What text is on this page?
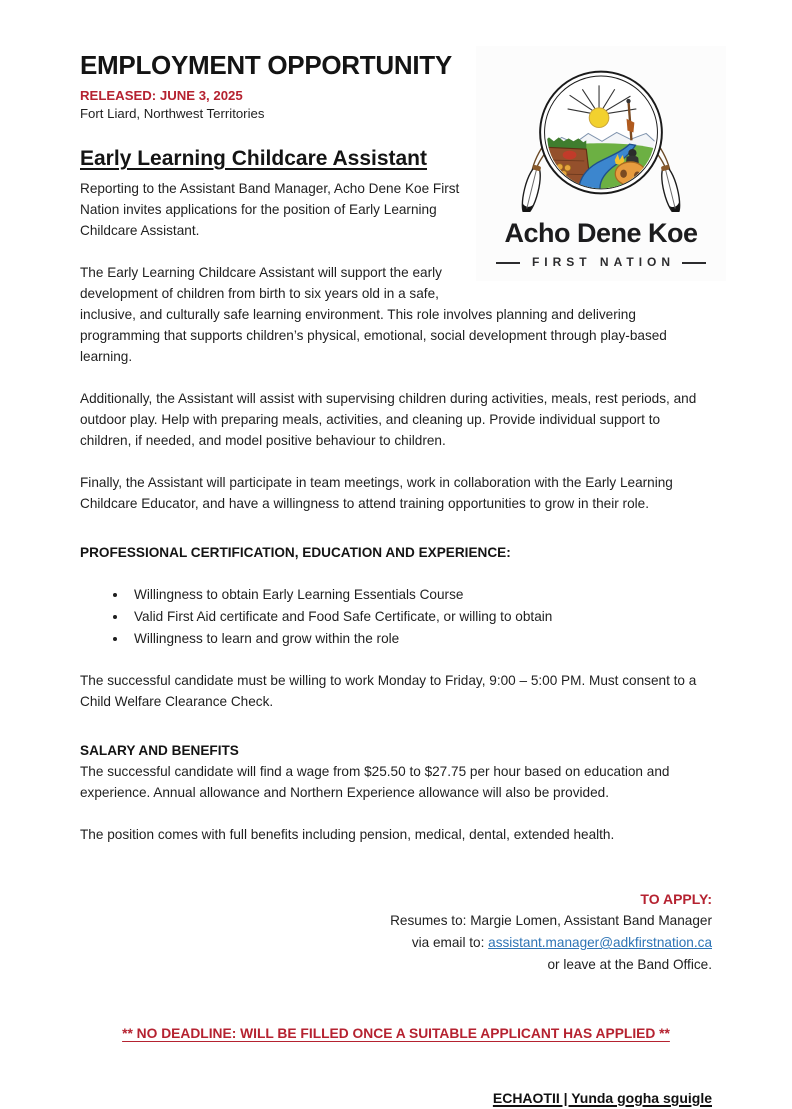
Acho Dene Koe
FIRST NATION
EMPLOYMENT OPPORTUNITY
RELEASED: JUNE 3, 2025
Fort Liard, Northwest Territories
Early Learning Childcare Assistant

Reporting to the Assistant Band Manager, Acho Dene Koe First Nation invites applications for the position of Early Learning Childcare Assistant.

The Early Learning Childcare Assistant will support the early development of children from birth to six years old in a safe, inclusive, and culturally safe learning environment. This role involves planning and delivering programming that supports children’s physical, emotional, social development through play-based learning.

Additionally, the Assistant will assist with supervising children during activities, meals, rest periods, and outdoor play. Help with preparing meals, activities, and cleaning up. Provide individual support to children, if needed, and model positive behaviour to children.

Finally, the Assistant will participate in team meetings, work in collaboration with the Early Learning Childcare Educator, and have a willingness to attend training opportunities to grow in their role.

PROFESSIONAL CERTIFICATION, EDUCATION AND EXPERIENCE:
• Willingness to obtain Early Learning Essentials Course
• Valid First Aid certificate and Food Safe Certificate, or willing to obtain
• Willingness to learn and grow within the role

The successful candidate must be willing to work Monday to Friday, 9:00 – 5:00 PM. Must consent to a Child Welfare Clearance Check.

SALARY AND BENEFITS

The successful candidate will find a wage from $25.50 to $27.75 per hour based on education and experience. Annual allowance and Northern Experience allowance will also be provided.

The position comes with full benefits including pension, medical, dental, extended health.

TO APPLY:
Resumes to: Margie Lomen, Assistant Band Manager
via email to: assistant.manager@adkfirstnation.ca
or leave at the Band Office.
** NO DEADLINE: WILL BE FILLED ONCE A SUITABLE APPLICANT HAS APPLIED **
ECHAOTII | Yunda gogha sguigle
